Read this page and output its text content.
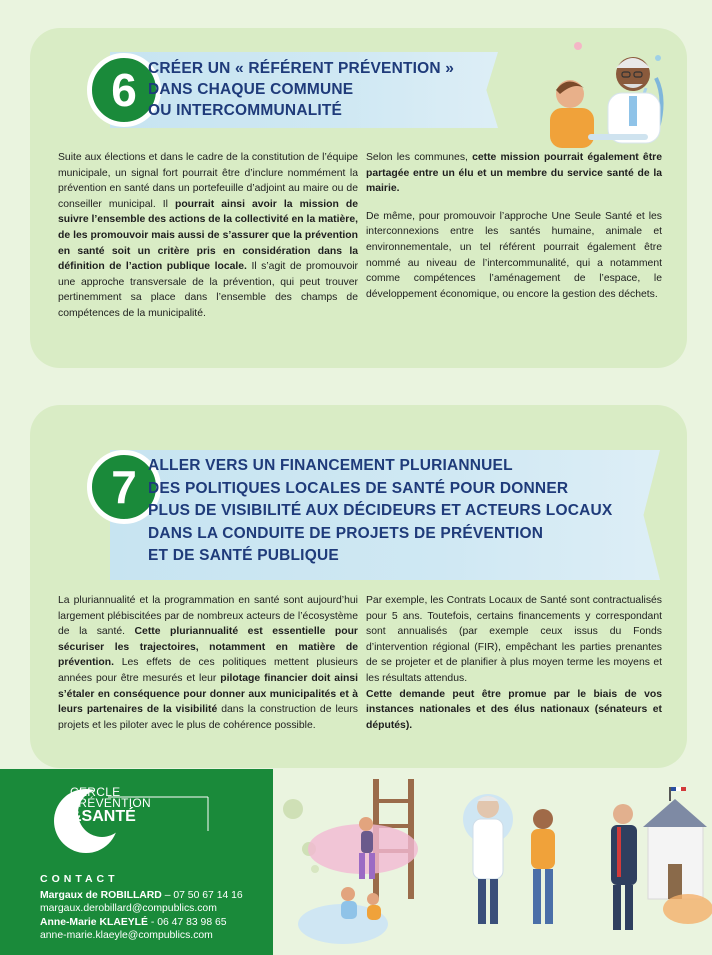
6 CRÉER UN « RÉFÉRENT PRÉVENTION »
DANS CHAQUE COMMUNE
OU INTERCOMMUNALITÉ

Suite aux élections et dans le cadre de la constitution de l’équipe municipale, un signal fort pourrait être d’inclure nommément la prévention en santé dans un portefeuille d’adjoint au maire ou de conseiller municipal. Il pourrait ainsi avoir la mission de suivre l’ensemble des actions de la collectivité en la matière, de les promouvoir mais aussi de s’assurer que la prévention en santé soit un critère pris en considération dans la définition de l’action publique locale. Il s’agit de promouvoir une approche transversale de la prévention, qui peut trouver pertinemment sa place dans l’ensemble des champs de compétences de la municipalité.

Selon les communes, cette mission pourrait également être partagée entre un élu et un membre du service santé de la mairie.

De même, pour promouvoir l’approche Une Seule Santé et les interconnexions entre les santés humaine, animale et environnementale, un tel référent pourrait également être nommé au niveau de l’intercommunalité, qui a notamment comme compétences l’aménagement de l’espace, le développement économique, ou encore la gestion des déchets.

7 ALLER VERS UN FINANCEMENT PLURIANNUEL
DES POLITIQUES LOCALES DE SANTÉ POUR DONNER
PLUS DE VISIBILITÉ AUX DÉCIDEURS ET ACTEURS LOCAUX
DANS LA CONDUITE DE PROJETS DE PRÉVENTION
ET DE SANTÉ PUBLIQUE

La pluriannualité et la programmation en santé sont aujourd’hui largement plébiscitées par de nombreux acteurs de l’écosystème de la santé. Cette pluriannualité est essentielle pour sécuriser les trajectoires, notamment en matière de prévention. Les effets de ces politiques mettent plusieurs années pour être mesurés et leur pilotage financier doit ainsi s’étaler en conséquence pour donner aux municipalités et à leurs partenaires de la visibilité dans la construction de leurs projets et les piloter avec le plus de cohérence possible.

Par exemple, les Contrats Locaux de Santé sont contractualisés pour 5 ans. Toutefois, certains financements y correspondant sont annualisés (par exemple ceux issus du Fonds d’intervention régional (FIR), empêchant les parties prenantes de se projeter et de planifier à plus moyen terme les moyens et les résultats attendus.

Cette demande peut être promue par le biais de vos instances nationales et des élus nationaux (sénateurs et députés).

CERCLE
PRÉVENTION
&SANTÉ
CONTACT
Margaux de ROBILLARD – 07 50 67 14 16
margaux.derobillard@compublics.com
Anne-Marie KLAEYLÉ - 06 47 83 98 65
anne-marie.klaeyle@compublics.com
